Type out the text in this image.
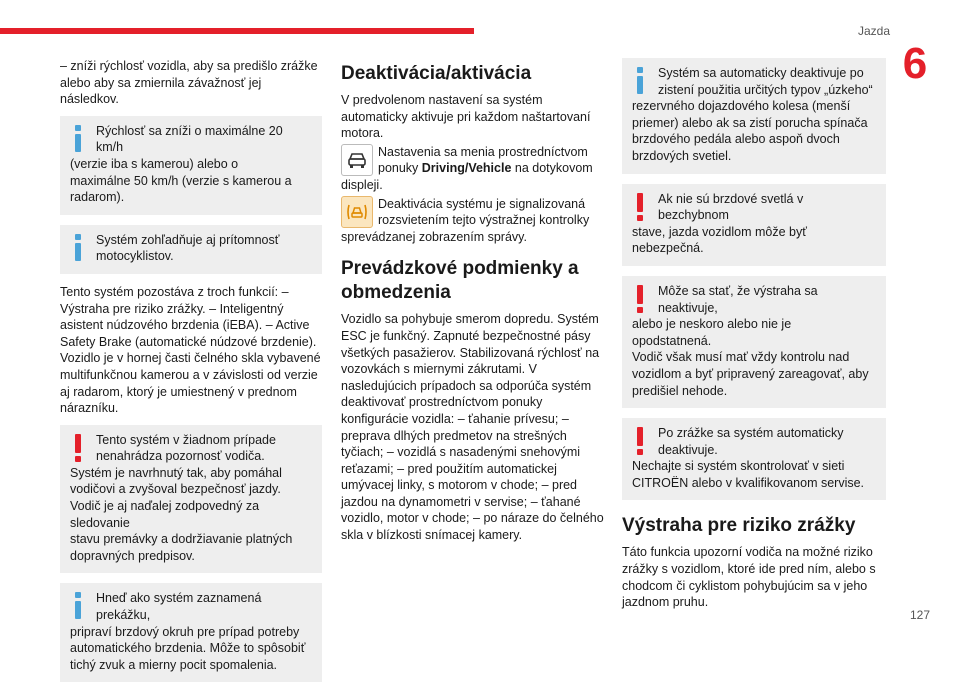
Jazda
6

– zníži rýchlosť vozidla, aby sa predišlo zrážke
alebo aby sa zmiernila závažnosť jej následkov.

Rýchlosť sa zníži o maximálne 20 km/h
(verzie iba s kamerou) alebo o
maximálne 50 km/h (verzie s kamerou a
radarom).
Systém zohľadňuje aj prítomnosť
motocyklistov.

Tento systém pozostáva z troch funkcií: – Výstraha pre riziko zrážky. – Inteligentný asistent núdzového brzdenia (iEBA). – Active Safety Brake (automatické núdzové brzdenie). Vozidlo je v hornej časti čelného skla vybavené multifunkčnou kamerou a v závislosti od verzie aj radarom, ktorý je umiestnený v prednom nárazníku.

Tento systém v žiadnom prípade
nenahrádza pozornosť vodiča.
Systém je navrhnutý tak, aby pomáhal
vodičovi a zvyšoval bezpečnosť jazdy.
Vodič je aj naďalej zodpovedný za sledovanie
stavu premávky a dodržiavanie platných
dopravných predpisov.
Hneď ako systém zaznamená prekážku,
pripraví brzdový okruh pre prípad potreby
automatického brzdenia. Môže to spôsobiť
tichý zvuk a mierny pocit spomalenia.
Deaktivácia/aktivácia

V predvolenom nastavení sa systém automaticky aktivuje pri každom naštartovaní motora.

Nastavenia sa menia prostredníctvom ponuky Driving/Vehicle na dotykovom displeji.
Deaktivácia systému je signalizovaná rozsvietením tejto výstražnej kontrolky sprevádzanej zobrazením správy.
Prevádzkové podmienky a obmedzenia

Vozidlo sa pohybuje smerom dopredu. Systém ESC je funkčný. Zapnuté bezpečnostné pásy všetkých pasažierov. Stabilizovaná rýchlosť na vozovkách s miernymi zákrutami. V nasledujúcich prípadoch sa odporúča systém deaktivovať prostredníctvom ponuky konfigurácie vozidla: – ťahanie prívesu; – preprava dlhých predmetov na strešných tyčiach; – vozidlá s nasadenými snehovými reťazami; – pred použitím automatickej umývacej linky, s motorom v chode; – pred jazdou na dynamometri v servise; – ťahané vozidlo, motor v chode; – po náraze do čelného skla v blízkosti snímacej kamery.

Systém sa automaticky deaktivuje po
zistení použitia určitých typov „úzkeho“
rezervného dojazdového kolesa (menší
priemer) alebo ak sa zistí porucha spínača
brzdového pedála alebo aspoň dvoch
brzdových svetiel.
Ak nie sú brzdové svetlá v bezchybnom
stave, jazda vozidlom môže byť
nebezpečná.
Môže sa stať, že výstraha sa neaktivuje,
alebo je neskoro alebo nie je
opodstatnená.
Vodič však musí mať vždy kontrolu nad
vozidlom a byť pripravený zareagovať, aby
predišiel nehode.
Po zrážke sa systém automaticky
deaktivuje.
Nechajte si systém skontrolovať v sieti
CITROËN alebo v kvalifikovanom servise.
Výstraha pre riziko zrážky

Táto funkcia upozorní vodiča na možné riziko zrážky s vozidlom, ktoré ide pred ním, alebo s chodcom či cyklistom pohybujúcim sa v jeho jazdnom pruhu.

127
